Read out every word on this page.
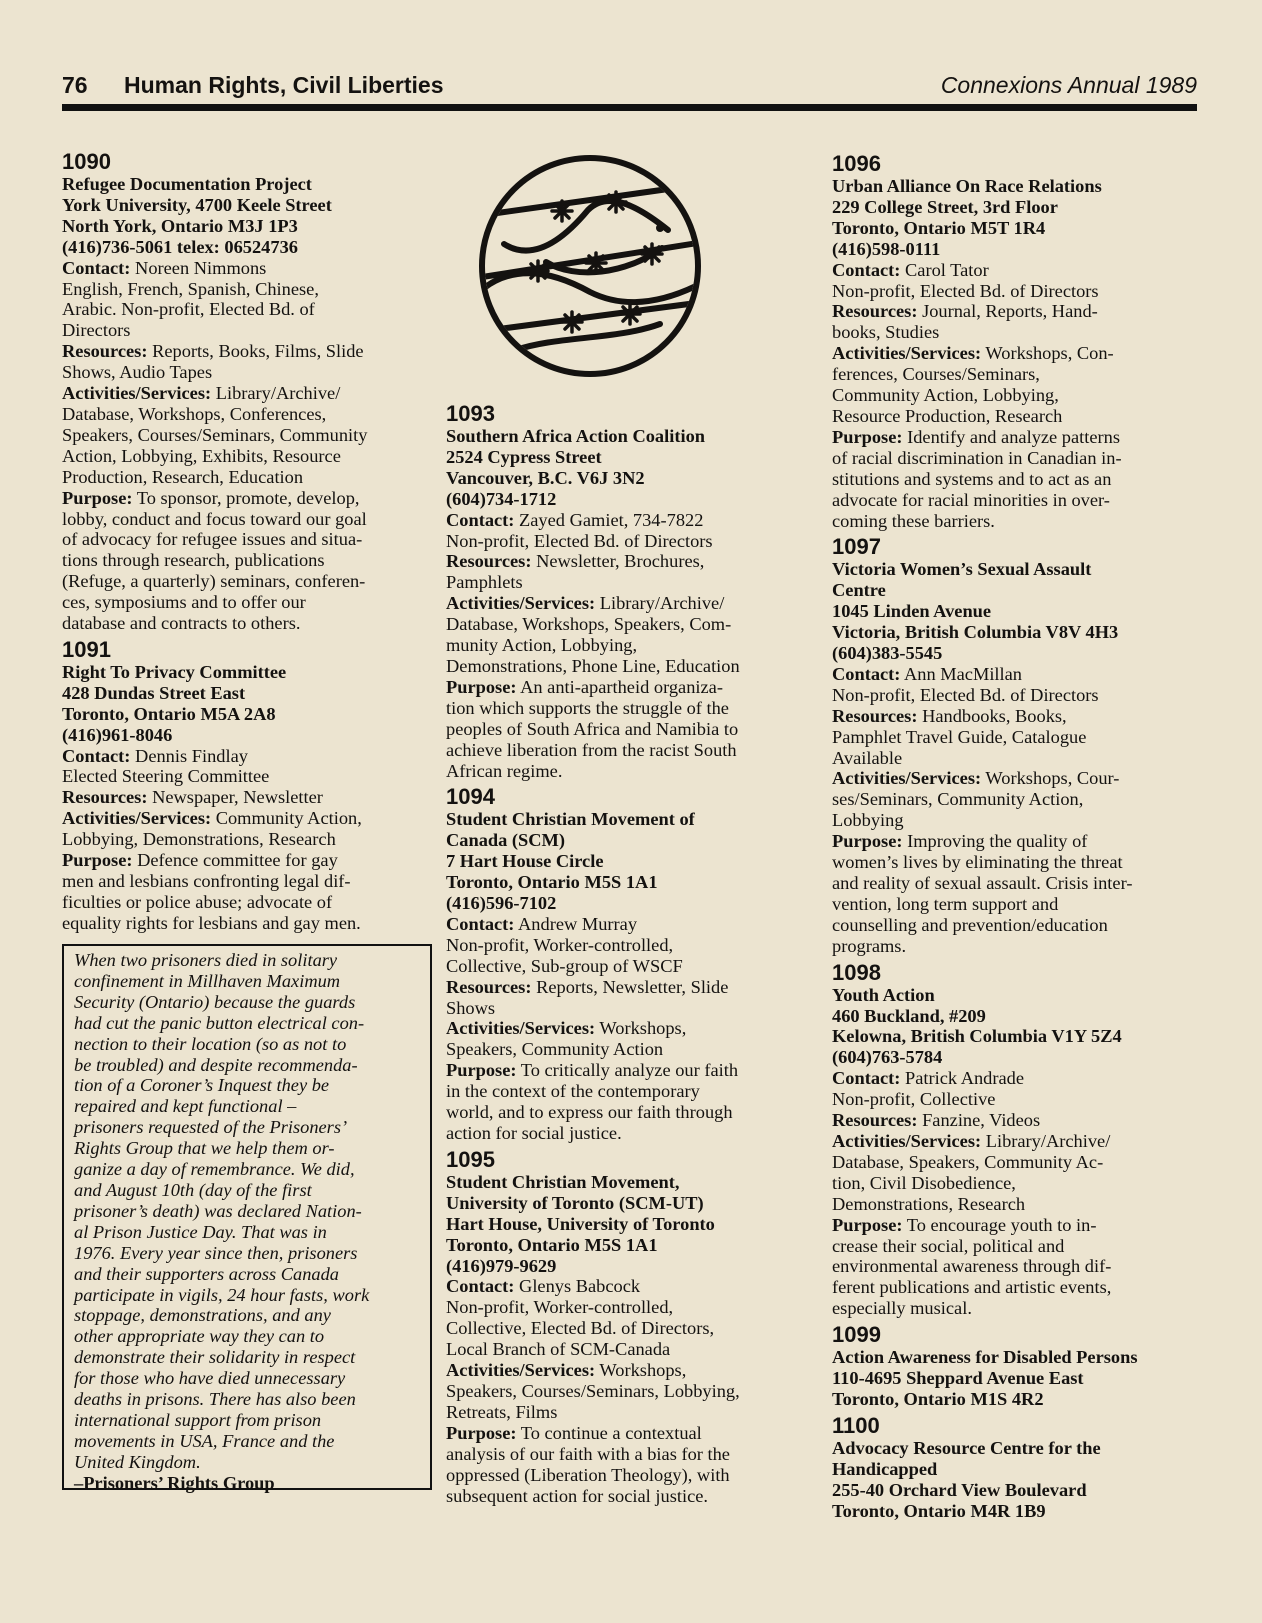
76 Human Rights, Civil Liberties	Connexions Annual 1989
1090
Refugee Documentation Project
York University, 4700 Keele Street
North York, Ontario M3J 1P3
(416)736-5061 telex: 06524736
Contact: Noreen Nimmons
English, French, Spanish, Chinese,
Arabic. Non-profit, Elected Bd. of
Directors
Resources: Reports, Books, Films, Slide
Shows, Audio Tapes
Activities/Services: Library/Archive/
Database, Workshops, Conferences,
Speakers, Courses/Seminars, Community
Action, Lobbying, Exhibits, Resource
Production, Research, Education
Purpose: To sponsor, promote, develop,
lobby, conduct and focus toward our goal
of advocacy for refugee issues and situa-
tions through research, publications
(Refuge, a quarterly) seminars, conferen-
ces, symposiums and to offer our
database and contracts to others.
1091
Right To Privacy Committee
428 Dundas Street East
Toronto, Ontario M5A 2A8
(416)961-8046
Contact: Dennis Findlay
Elected Steering Committee
Resources: Newspaper, Newsletter
Activities/Services: Community Action,
Lobbying, Demonstrations, Research
Purpose: Defence committee for gay
men and lesbians confronting legal dif-
ficulties or police abuse; advocate of
equality rights for lesbians and gay men.
When two prisoners died in solitary
confinement in Millhaven Maximum
Security (Ontario) because the guards
had cut the panic button electrical con-
nection to their location (so as not to
be troubled) and despite recommenda-
tion of a Coroner’s Inquest they be
repaired and kept functional –
prisoners requested of the Prisoners’
Rights Group that we help them or-
ganize a day of remembrance. We did,
and August 10th (day of the first
prisoner’s death) was declared Nation-
al Prison Justice Day. That was in
1976. Every year since then, prisoners
and their supporters across Canada
participate in vigils, 24 hour fasts, work
stoppage, demonstrations, and any
other appropriate way they can to
demonstrate their solidarity in respect
for those who have died unnecessary
deaths in prisons. There has also been
international support from prison
movements in USA, France and the
United Kingdom.
–Prisoners’ Rights Group
1093
Southern Africa Action Coalition
2524 Cypress Street
Vancouver, B.C. V6J 3N2
(604)734-1712
Contact: Zayed Gamiet, 734-7822
Non-profit, Elected Bd. of Directors
Resources: Newsletter, Brochures,
Pamphlets
Activities/Services: Library/Archive/
Database, Workshops, Speakers, Com-
munity Action, Lobbying,
Demonstrations, Phone Line, Education
Purpose: An anti-apartheid organiza-
tion which supports the struggle of the
peoples of South Africa and Namibia to
achieve liberation from the racist South
African regime.
1094
Student Christian Movement of
Canada (SCM)
7 Hart House Circle
Toronto, Ontario M5S 1A1
(416)596-7102
Contact: Andrew Murray
Non-profit, Worker-controlled,
Collective, Sub-group of WSCF
Resources: Reports, Newsletter, Slide
Shows
Activities/Services: Workshops,
Speakers, Community Action
Purpose: To critically analyze our faith
in the context of the contemporary
world, and to express our faith through
action for social justice.
1095
Student Christian Movement,
University of Toronto (SCM-UT)
Hart House, University of Toronto
Toronto, Ontario M5S 1A1
(416)979-9629
Contact: Glenys Babcock
Non-profit, Worker-controlled,
Collective, Elected Bd. of Directors,
Local Branch of SCM-Canada
Activities/Services: Workshops,
Speakers, Courses/Seminars, Lobbying,
Retreats, Films
Purpose: To continue a contextual
analysis of our faith with a bias for the
oppressed (Liberation Theology), with
subsequent action for social justice.
1096
Urban Alliance On Race Relations
229 College Street, 3rd Floor
Toronto, Ontario M5T 1R4
(416)598-0111
Contact: Carol Tator
Non-profit, Elected Bd. of Directors
Resources: Journal, Reports, Hand-
books, Studies
Activities/Services: Workshops, Con-
ferences, Courses/Seminars,
Community Action, Lobbying,
Resource Production, Research
Purpose: Identify and analyze patterns
of racial discrimination in Canadian in-
stitutions and systems and to act as an
advocate for racial minorities in over-
coming these barriers.
1097
Victoria Women’s Sexual Assault
Centre
1045 Linden Avenue
Victoria, British Columbia V8V 4H3
(604)383-5545
Contact: Ann MacMillan
Non-profit, Elected Bd. of Directors
Resources: Handbooks, Books,
Pamphlet Travel Guide, Catalogue
Available
Activities/Services: Workshops, Cour-
ses/Seminars, Community Action,
Lobbying
Purpose: Improving the quality of
women’s lives by eliminating the threat
and reality of sexual assault. Crisis inter-
vention, long term support and
counselling and prevention/education
programs.
1098
Youth Action
460 Buckland, #209
Kelowna, British Columbia V1Y 5Z4
(604)763-5784
Contact: Patrick Andrade
Non-profit, Collective
Resources: Fanzine, Videos
Activities/Services: Library/Archive/
Database, Speakers, Community Ac-
tion, Civil Disobedience,
Demonstrations, Research
Purpose: To encourage youth to in-
crease their social, political and
environmental awareness through dif-
ferent publications and artistic events,
especially musical.
1099
Action Awareness for Disabled Persons
110-4695 Sheppard Avenue East
Toronto, Ontario M1S 4R2
1100
Advocacy Resource Centre for the
Handicapped
255-40 Orchard View Boulevard
Toronto, Ontario M4R 1B9
